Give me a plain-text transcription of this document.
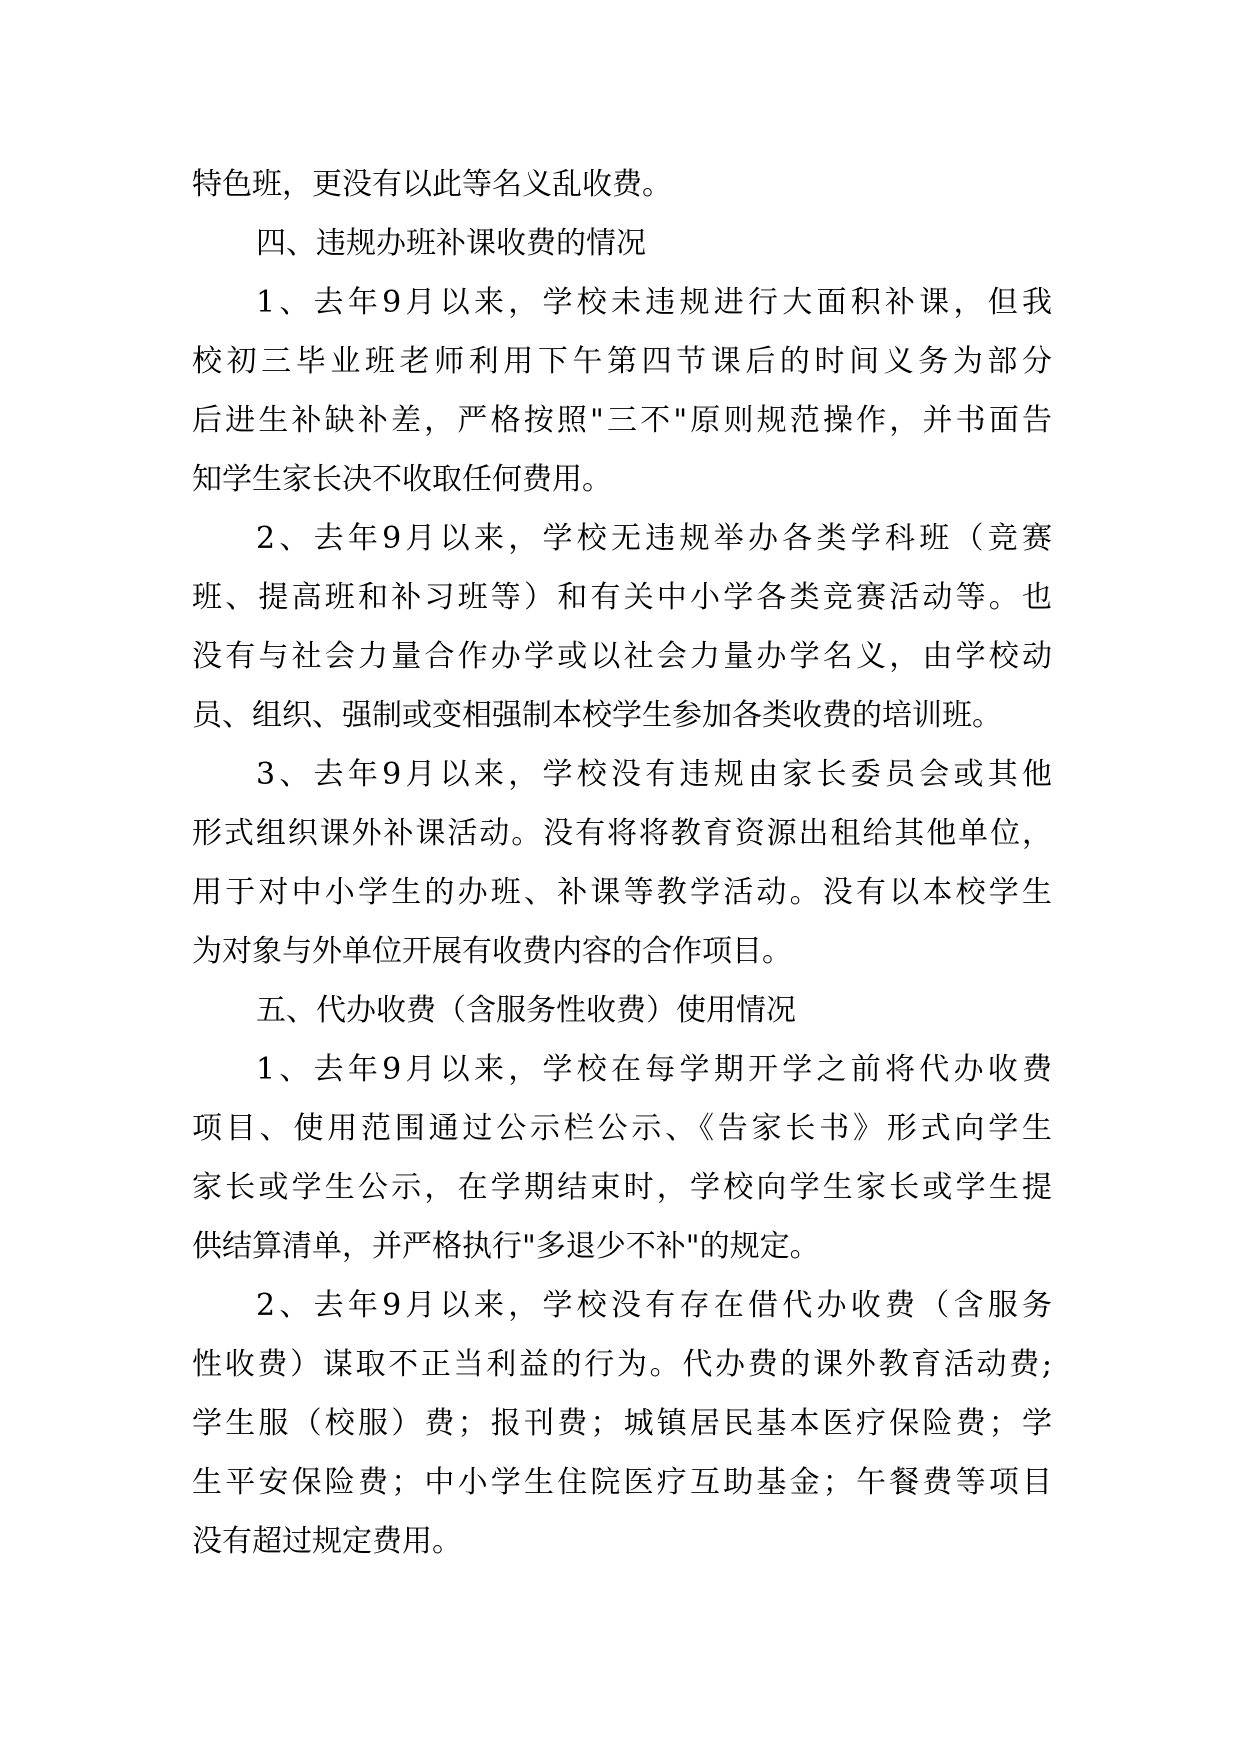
特色班，更没有以此等名义乱收费。
四、违规办班补课收费的情况
1、去年9月以来，学校未违规进行大面积补课，但我
校初三毕业班老师利用下午第四节课后的时间义务为部分
后进生补缺补差，严格按照"三不"原则规范操作，并书面告
知学生家长决不收取任何费用。
2、去年9月以来，学校无违规举办各类学科班（竞赛
班、提高班和补习班等）和有关中小学各类竞赛活动等。也
没有与社会力量合作办学或以社会力量办学名义，由学校动
员、组织、强制或变相强制本校学生参加各类收费的培训班。
3、去年9月以来，学校没有违规由家长委员会或其他
形式组织课外补课活动。没有将将教育资源出租给其他单位，
用于对中小学生的办班、补课等教学活动。没有以本校学生
为对象与外单位开展有收费内容的合作项目。
五、代办收费（含服务性收费）使用情况
1、去年9月以来，学校在每学期开学之前将代办收费
项目、使用范围通过公示栏公示、《告家长书》形式向学生
家长或学生公示，在学期结束时，学校向学生家长或学生提
供结算清单，并严格执行"多退少不补"的规定。
2、去年9月以来，学校没有存在借代办收费（含服务
性收费）谋取不正当利益的行为。代办费的课外教育活动费;
学生服（校服）费；报刊费；城镇居民基本医疗保险费；学
生平安保险费；中小学生住院医疗互助基金；午餐费等项目
没有超过规定费用。
